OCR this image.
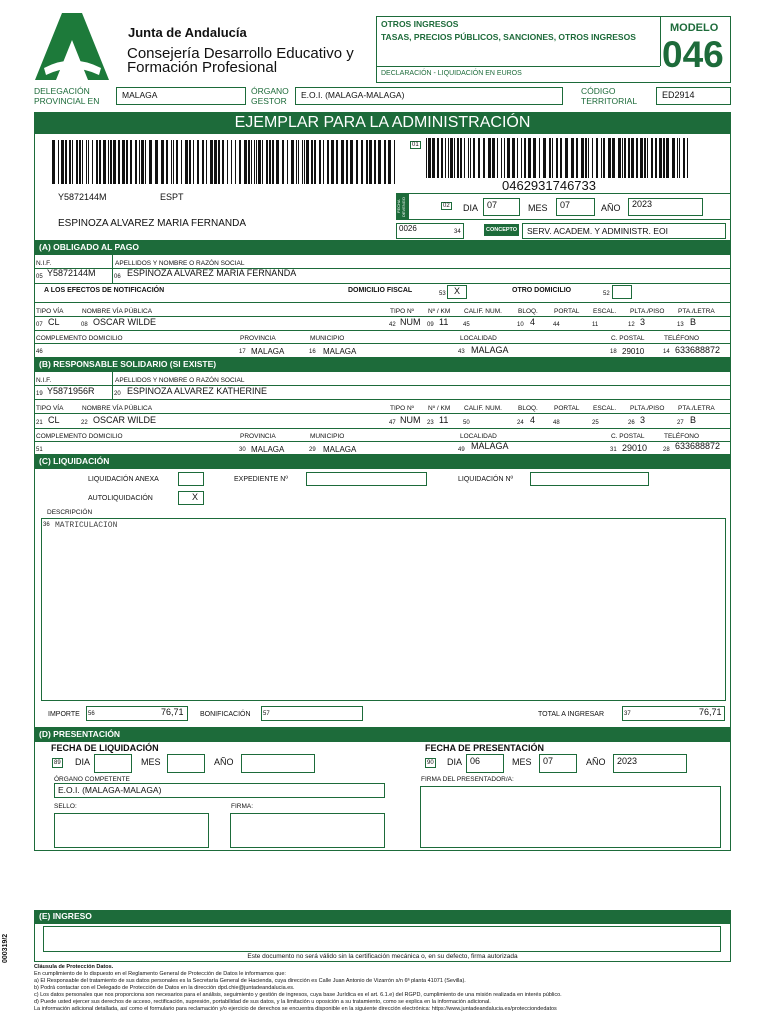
Junta de Andalucía
Consejería Desarrollo Educativo y
Formación Profesional
OTROS INGRESOS
TASAS, PRECIOS PÚBLICOS, SANCIONES, OTROS INGRESOS
DECLARACIÓN - LIQUIDACIÓN EN EUROS
MODELO
046
DELEGACIÓN
PROVINCIAL EN
MALAGA	ÓRGANO
GESTOR
E.O.I. (MALAGA-MALAGA)	CÓDIGO
TERRITORIAL
ED2914
EJEMPLAR PARA LA ADMINISTRACIÓN
Y5872144M	ESPT
ESPINOZA ALVAREZ MARIA FERNANDA
01
0462931746733
FECHA DEVENGO	02 DIA 07	MES 07	AÑO 2023
0026	34	CONCEPTO SERV. ACADEM. Y ADMINISTR. EOI
(A) OBLIGADO AL PAGO
N.I.F.	APELLIDOS Y NOMBRE O RAZÓN SOCIAL
05 Y5872144M	06 ESPINOZA ALVAREZ MARIA FERNANDA
A LOS EFECTOS DE NOTIFICACIÓN	DOMICILIO FISCAL	53 X	OTRO DOMICILIO	52
TIPO VÍA	NOMBRE VÍA PÚBLICA	TIPO Nº Nº / KM CALIF. NUM. BLOQ. PORTAL ESCAL. PLTA./PISO PTA./LETRA
07 CL	08 OSCAR WILDE	42 NUM 09 11 45	10 4	44	11	12 3	13 B
COMPLEMENTO DOMICILIO	PROVINCIA	MUNICIPIO	LOCALIDAD	C. POSTAL	TELÉFONO
46	17 MALAGA	16 MALAGA	43 MALAGA	18 29010	14 633688872
(B) RESPONSABLE SOLIDARIO (SI EXISTE)
N.I.F.	APELLIDOS Y NOMBRE O RAZÓN SOCIAL
19 Y5871956R	20 ESPINOZA ALVAREZ KATHERINE
TIPO VÍA	NOMBRE VÍA PÚBLICA	TIPO Nº Nº / KM CALIF. NUM. BLOQ. PORTAL ESCAL. PLTA./PISO PTA./LETRA
21 CL	22 OSCAR WILDE	47 NUM 23 11 50	24 4	48	25	26 3	27 B
COMPLEMENTO DOMICILIO	PROVINCIA	MUNICIPIO	LOCALIDAD	C. POSTAL	TELÉFONO
51	30 MALAGA	29 MALAGA	49 MALAGA	31 29010	28 633688872
(C) LIQUIDACIÓN
LIQUIDACIÓN ANEXA	EXPEDIENTE Nº	LIQUIDACIÓN Nº
AUTOLIQUIDACIÓN	X
DESCRIPCIÓN
36 MATRICULACION
IMPORTE 56	76,71 BONIFICACIÓN 57	TOTAL A INGRESAR	37	76,71
(D) PRESENTACIÓN
FECHA DE LIQUIDACIÓN
89 DIA	MES	AÑO
FECHA DE PRESENTACIÓN
90 DIA 06	MES 07	AÑO 2023
ÓRGANO COMPETENTE
E.O.I. (MALAGA-MALAGA)
FIRMA DEL PRESENTADOR/A:
SELLO:	FIRMA:
(E) INGRESO
Este documento no será válido sin la certificación mecánica o, en su defecto, firma autorizada
000319/2
Cláusula de Protección Datos.
En cumplimiento de lo dispuesto en el Reglamento General de Protección de Datos le informamos que:
a) El Responsable del tratamiento de sus datos personales es la Secretaría General de Hacienda, cuya dirección es Calle Juan Antonio de Vizarrón s/n 6ª planta 41071 (Sevilla).
b) Podrá contactar con el Delegado de Protección de Datos en la dirección dpd.chie@juntadeandalucia.es.
c) Los datos personales que nos proporciona son necesarios para el análisis, seguimiento y gestión de ingresos, cuya base Jurídica es el art. 6.1.e) del RGPD, cumplimiento de una misión realizada en interés público.
d) Puede usted ejercer sus derechos de acceso, rectificación, supresión, portabilidad de sus datos, y la limitación u oposición a su tratamiento, como se explica en la información adicional.
La información adicional detallada, así como el formulario para reclamación y/o ejercicio de derechos se encuentra disponible en la siguiente dirección electrónica: https://www.juntadeandalucia.es/protecciondedatos
